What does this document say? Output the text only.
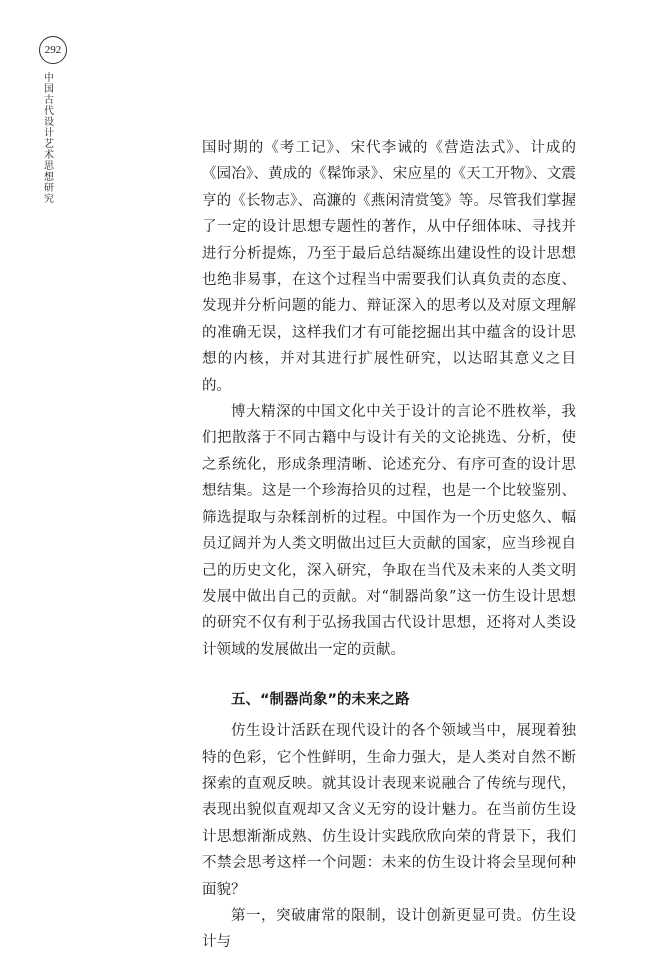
292
中国古代设计艺术思想研究

国时期的《考工记》、宋代李诫的《营造法式》、计成的《园冶》、黄成的《髹饰录》、宋应星的《天工开物》、文震亨的《长物志》、高濂的《燕闲清赏笺》等。尽管我们掌握了一定的设计思想专题性的著作，从中仔细体味、寻找并进行分析提炼，乃至于最后总结凝练出建设性的设计思想也绝非易事，在这个过程当中需要我们认真负责的态度、发现并分析问题的能力、辩证深入的思考以及对原文理解的准确无误，这样我们才有可能挖掘出其中蕴含的设计思想的内核，并对其进行扩展性研究，以达昭其意义之目的。

博大精深的中国文化中关于设计的言论不胜枚举，我们把散落于不同古籍中与设计有关的文论挑选、分析，使之系统化，形成条理清晰、论述充分、有序可查的设计思想结集。这是一个珍海拾贝的过程，也是一个比较鉴别、筛选提取与杂糅剖析的过程。中国作为一个历史悠久、幅员辽阔并为人类文明做出过巨大贡献的国家，应当珍视自己的历史文化，深入研究，争取在当代及未来的人类文明发展中做出自己的贡献。对“制器尚象”这一仿生设计思想的研究不仅有利于弘扬我国古代设计思想，还将对人类设计领域的发展做出一定的贡献。

五、“制器尚象”的未来之路

仿生设计活跃在现代设计的各个领域当中，展现着独特的色彩，它个性鲜明，生命力强大，是人类对自然不断探索的直观反映。就其设计表现来说融合了传统与现代，表现出貌似直观却又含义无穷的设计魅力。在当前仿生设计思想渐渐成熟、仿生设计实践欣欣向荣的背景下，我们不禁会思考这样一个问题：未来的仿生设计将会呈现何种面貌？

第一，突破庸常的限制，设计创新更显可贵。仿生设计与
